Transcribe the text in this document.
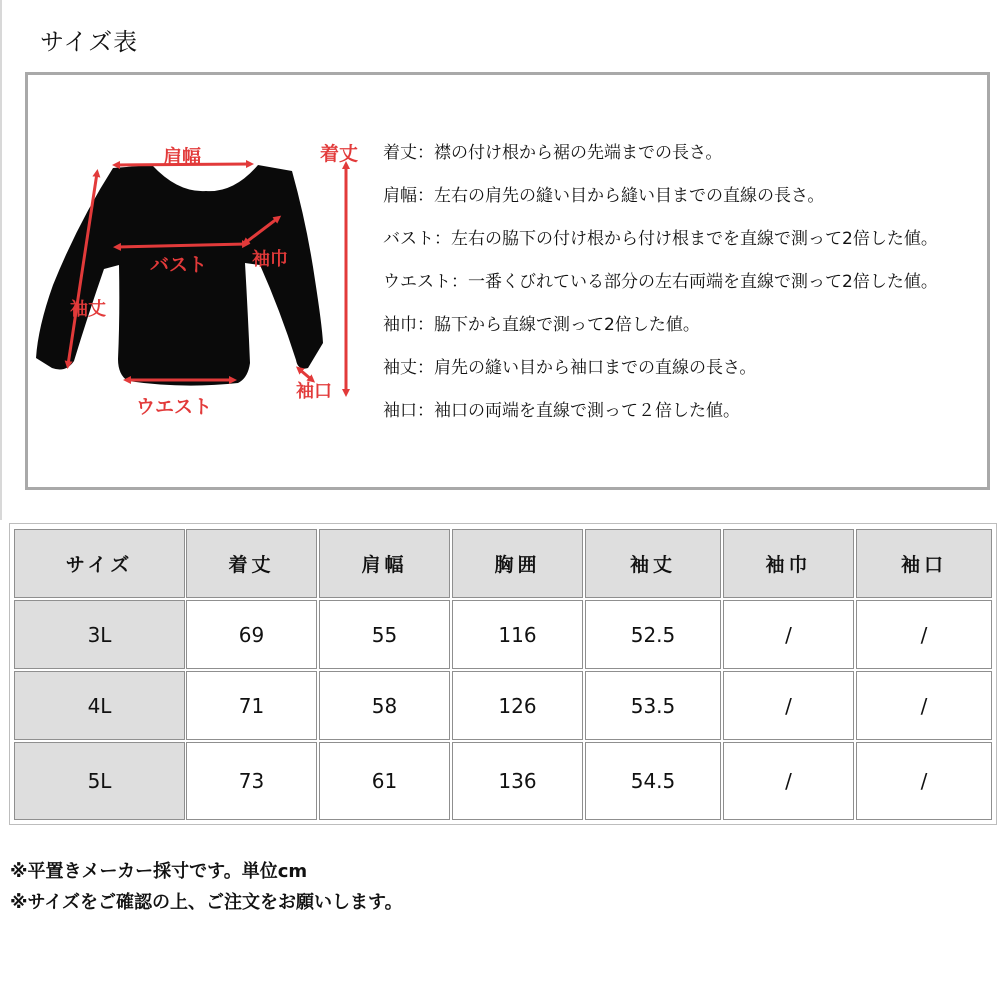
サイズ表
肩幅
バスト 袖巾
袖丈
ウエスト
袖口
着丈 着丈：襟の付け根から裾の先端までの長さ。
肩幅：左右の肩先の縫い目から縫い目までの直線の長さ。
バスト：左右の脇下の付け根から付け根までを直線で測って2倍した値。
ウエスト：一番くびれている部分の左右両端を直線で測って2倍した値。
袖巾：脇下から直線で測って2倍した値。
袖丈：肩先の縫い目から袖口までの直線の長さ。
袖口：袖口の両端を直線で測って２倍した値。
サイズ	着丈	肩幅	胸囲	袖丈	袖巾	袖口
3L	69	55	116	52.5	/	/
4L	71	58	126	53.5	/	/
5L	73	61	136	54.5	/	/
※平置きメーカー採寸です。単位cm
※サイズをご確認の上、ご注文をお願いします。
